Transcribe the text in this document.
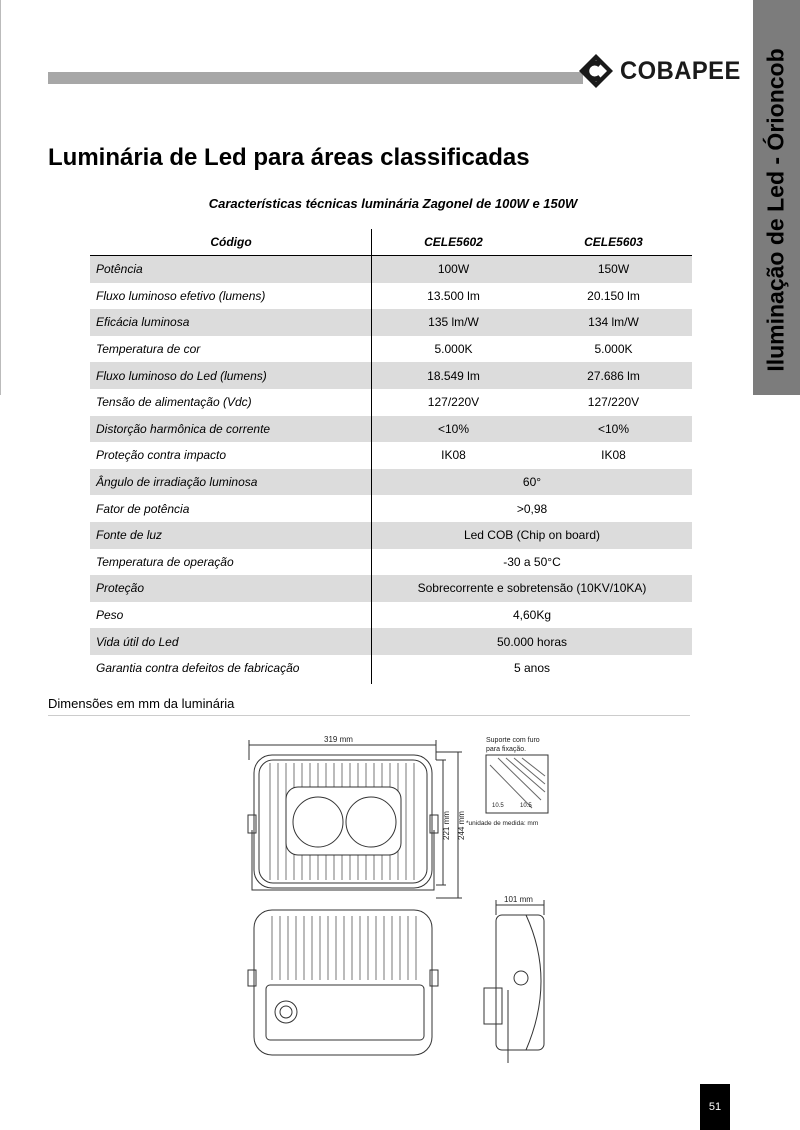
COBAPEE Iluminação de Led - Órioncob
Luminária de Led para áreas classificadas
Características técnicas luminária Zagonel de 100W e 150W
Código	CELE5602	CELE5603
Potência	100W	150W
Fluxo luminoso efetivo (lumens)	13.500 lm	20.150 lm
Eficácia luminosa	135 lm/W	134 lm/W
Temperatura de cor	5.000K	5.000K
Fluxo luminoso do Led (lumens)	18.549 lm	27.686 lm
Tensão de alimentação (Vdc)	127/220V	127/220V
Distorção harmônica de corrente	<10%	<10%
Proteção contra impacto	IK08	IK08
Ângulo de irradiação luminosa	60°	
Fator de potência	>0,98	
Fonte de luz	Led COB (Chip on board)	
Temperatura de operação	-30 a 50°C	
Proteção	Sobrecorrente e sobretensão (10KV/10KA)	
Peso	4,60Kg	
Vida útil do Led	50.000 horas	
Garantia contra defeitos de fabricação	5 anos	
Dimensões em mm da luminária
319 mm
101 mm
221 mm 244 mm
Suporte com furo
para fixação.
*unidade de medida: mm
10.5	10.5
51
